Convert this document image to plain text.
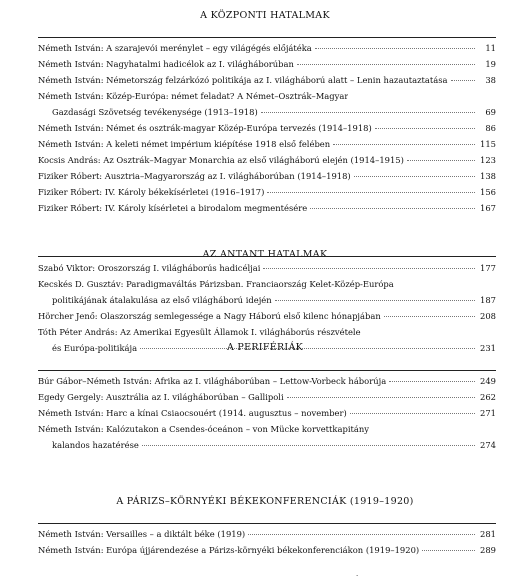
A KÖZPONTI HATALMAK
Németh István: A szarajevói merénylet – egy világégés előjátéka	11
Németh István: Nagyhatalmi hadicélok az I. világháborúban	19
Németh István: Németország felzárkózó politikája az I. világháború alatt – Lenin hazautaztatása	38
Németh István: Közép-Európa: német feladat? A Német–Osztrák–Magyar
Gazdasági Szövetség tevékenysége (1913–1918)	69
Németh István: Német és osztrák-magyar Közép-Európa tervezés (1914–1918)	86
Németh István: A keleti német impérium kiépítése 1918 első felében	115
Kocsis András: Az Osztrák–Magyar Monarchia az első világháború elején (1914–1915)	123
Fiziker Róbert: Ausztria–Magyarország az I. világháborúban (1914–1918)	138
Fiziker Róbert: IV. Károly békekísérletei (1916–1917)	156
Fiziker Róbert: IV. Károly kísérletei a birodalom megmentésére	167
AZ ANTANT HATALMAK
Szabó Viktor: Oroszország I. világháborús hadicéljai	177
Kecskés D. Gusztáv: Paradigmaváltás Párizsban. Franciaország Kelet-Közép-Európa
politikájának átalakulása az első világháború idején	187
Hörcher Jenő: Olaszország semlegessége a Nagy Háború első kilenc hónapjában	208
Tóth Péter András: Az Amerikai Egyesült Államok I. világháborús részvétele
és Európa-politikája	231
A PERIFÉRIÁK
Búr Gábor–Németh István: Afrika az I. világháborúban – Lettow-Vorbeck háborúja	249
Egedy Gergely: Ausztrália az I. világháborúban – Gallipoli	262
Németh István: Harc a kínai Csiaocsouért (1914. augusztus – november)	271
Németh István: Kalózutakon a Csendes-óceánon – von Mücke korvettkapitány
kalandos hazatérése	274
A PÁRIZS–KÖRNYÉKI BÉKEKONFERENCIÁK (1919–1920)
Németh István: Versailles – a diktált béke (1919)	281
Németh István: Európa újjárendezése a Párizs-környéki békekonferenciákon (1919–1920)	289
·
